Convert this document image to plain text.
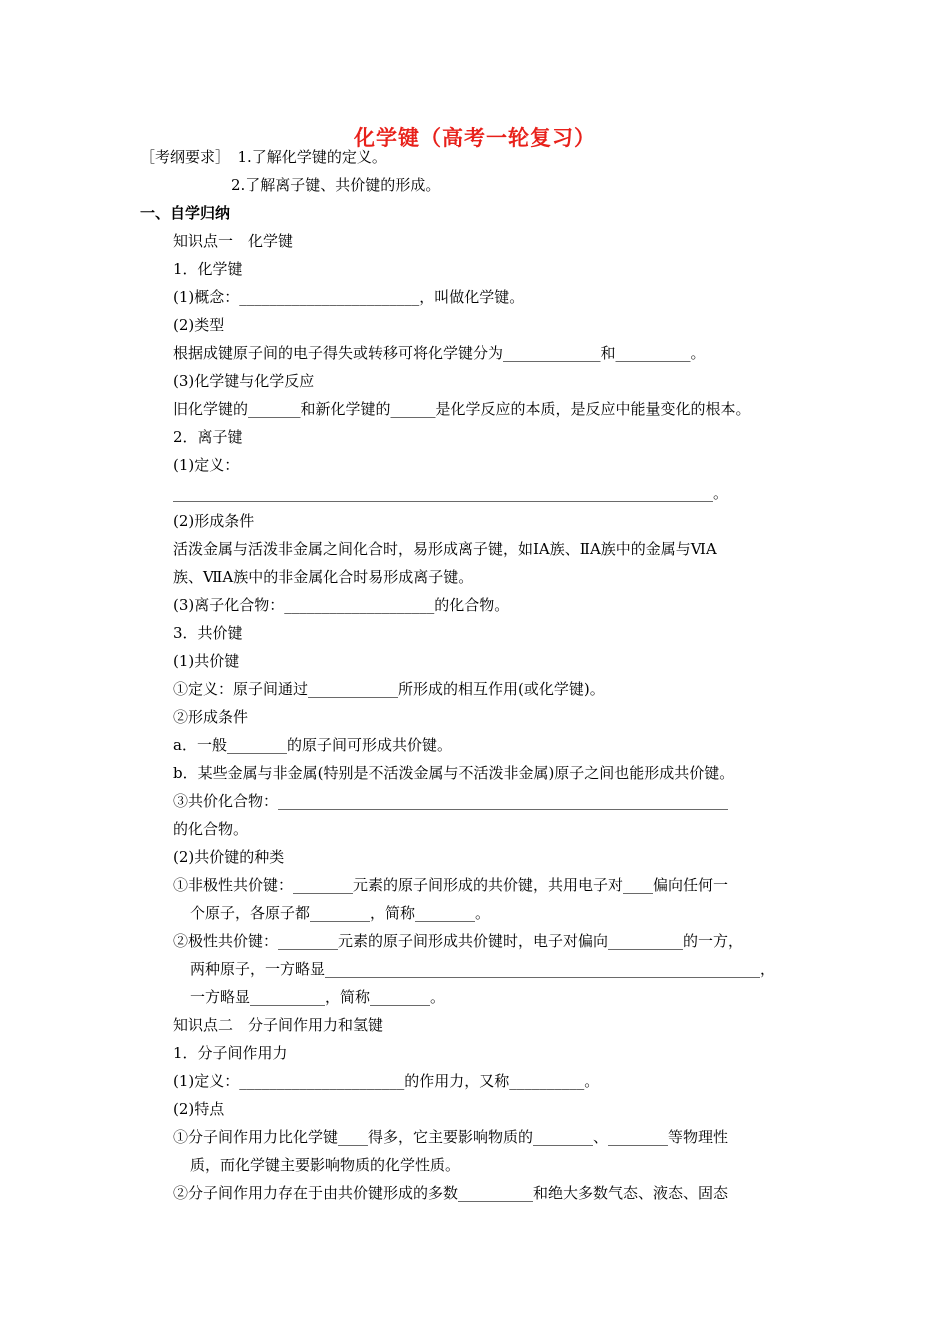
化学键（高考一轮复习）
［考纲要求］　1.了解化学键的定义。
2.了解离子键、共价键的形成。
一、自学归纳
知识点一　化学键
1．化学键
(1)概念：________________________，叫做化学键。
(2)类型
根据成键原子间的电子得失或转移可将化学键分为_____________和__________。
(3)化学键与化学反应
旧化学键的_______和新化学键的______是化学反应的本质，是反应中能量变化的根本。
2．离子键
(1)定义：
________________________________________________________________________。
(2)形成条件
活泼金属与活泼非金属之间化合时，易形成离子键，如ⅠA族、ⅡA族中的金属与ⅥA
族、ⅦA族中的非金属化合时易形成离子键。
(3)离子化合物：____________________的化合物。
3．共价键
(1)共价键
①定义：原子间通过____________所形成的相互作用(或化学键)。
②形成条件
a．一般________的原子间可形成共价键。
b．某些金属与非金属(特别是不活泼金属与不活泼非金属)原子之间也能形成共价键。
③共价化合物：____________________________________________________________
的化合物。
(2)共价键的种类
①非极性共价键：________元素的原子间形成的共价键，共用电子对____偏向任何一
个原子，各原子都________，简称________。
②极性共价键：________元素的原子间形成共价键时，电子对偏向__________的一方，
两种原子，一方略显__________________________________________________________，
一方略显__________，简称________。
知识点二　分子间作用力和氢键
1．分子间作用力
(1)定义：______________________的作用力，又称__________。
(2)特点
①分子间作用力比化学键____得多，它主要影响物质的________、________等物理性
质，而化学键主要影响物质的化学性质。
②分子间作用力存在于由共价键形成的多数__________和绝大多数气态、液态、固态
